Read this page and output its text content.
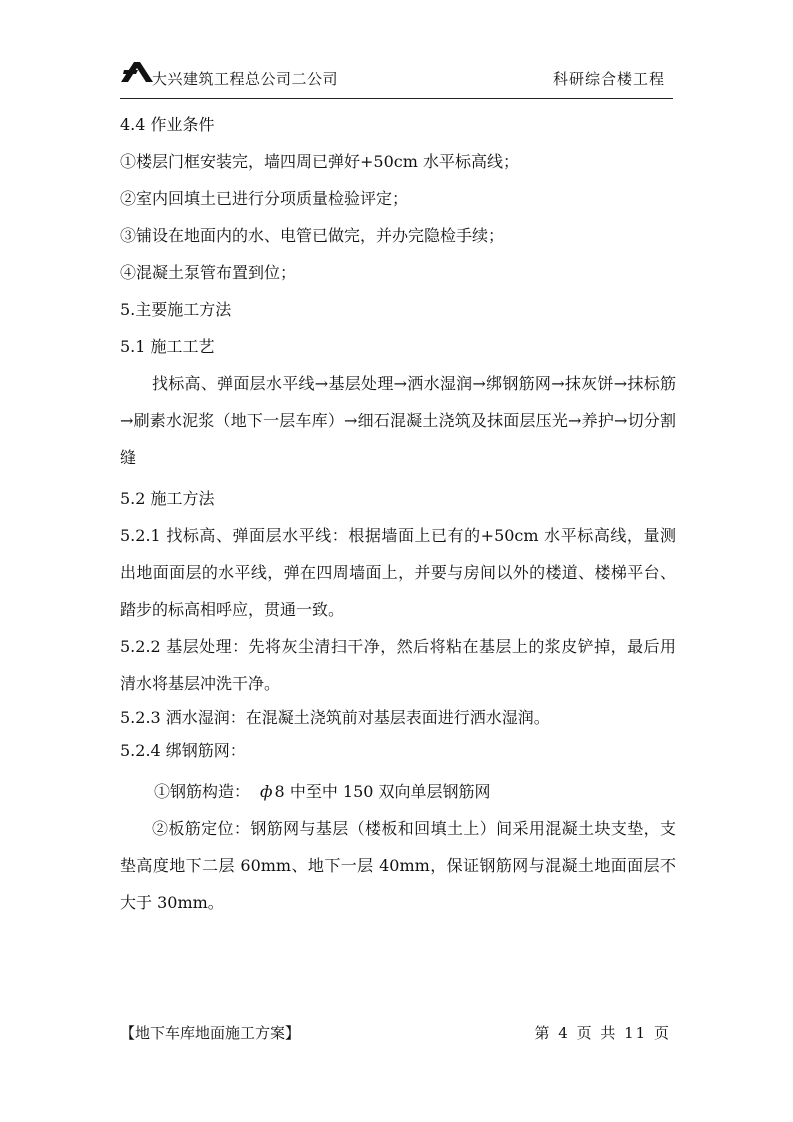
大兴建筑工程总公司二公司	科研综合楼工程
4.4 作业条件
①楼层门框安装完，墙四周已弹好+50cm 水平标高线；
②室内回填土已进行分项质量检验评定；
③铺设在地面内的水、电管已做完，并办完隐检手续；
④混凝土泵管布置到位；
5.主要施工方法
5.1 施工工艺
找标高、弹面层水平线→基层处理→洒水湿润→绑钢筋网→抹灰饼→抹标筋→刷素水泥浆（地下一层车库）→细石混凝土浇筑及抹面层压光→养护→切分割缝
5.2 施工方法
5.2.1 找标高、弹面层水平线：根据墙面上已有的+50cm 水平标高线，量测出地面面层的水平线，弹在四周墙面上，并要与房间以外的楼道、楼梯平台、踏步的标高相呼应，贯通一致。
5.2.2 基层处理：先将灰尘清扫干净，然后将粘在基层上的浆皮铲掉，最后用清水将基层冲洗干净。
5.2.3 洒水湿润：在混凝土浇筑前对基层表面进行洒水湿润。
5.2.4 绑钢筋网：
①钢筋构造： ф 8 中至中 150 双向单层钢筋网
②板筋定位：钢筋网与基层（楼板和回填土上）间采用混凝土块支垫，支垫高度地下二层 60mm、地下一层 40mm，保证钢筋网与混凝土地面面层不大于 30mm。
【地下车库地面施工方案】	第 4 页 共 11 页
